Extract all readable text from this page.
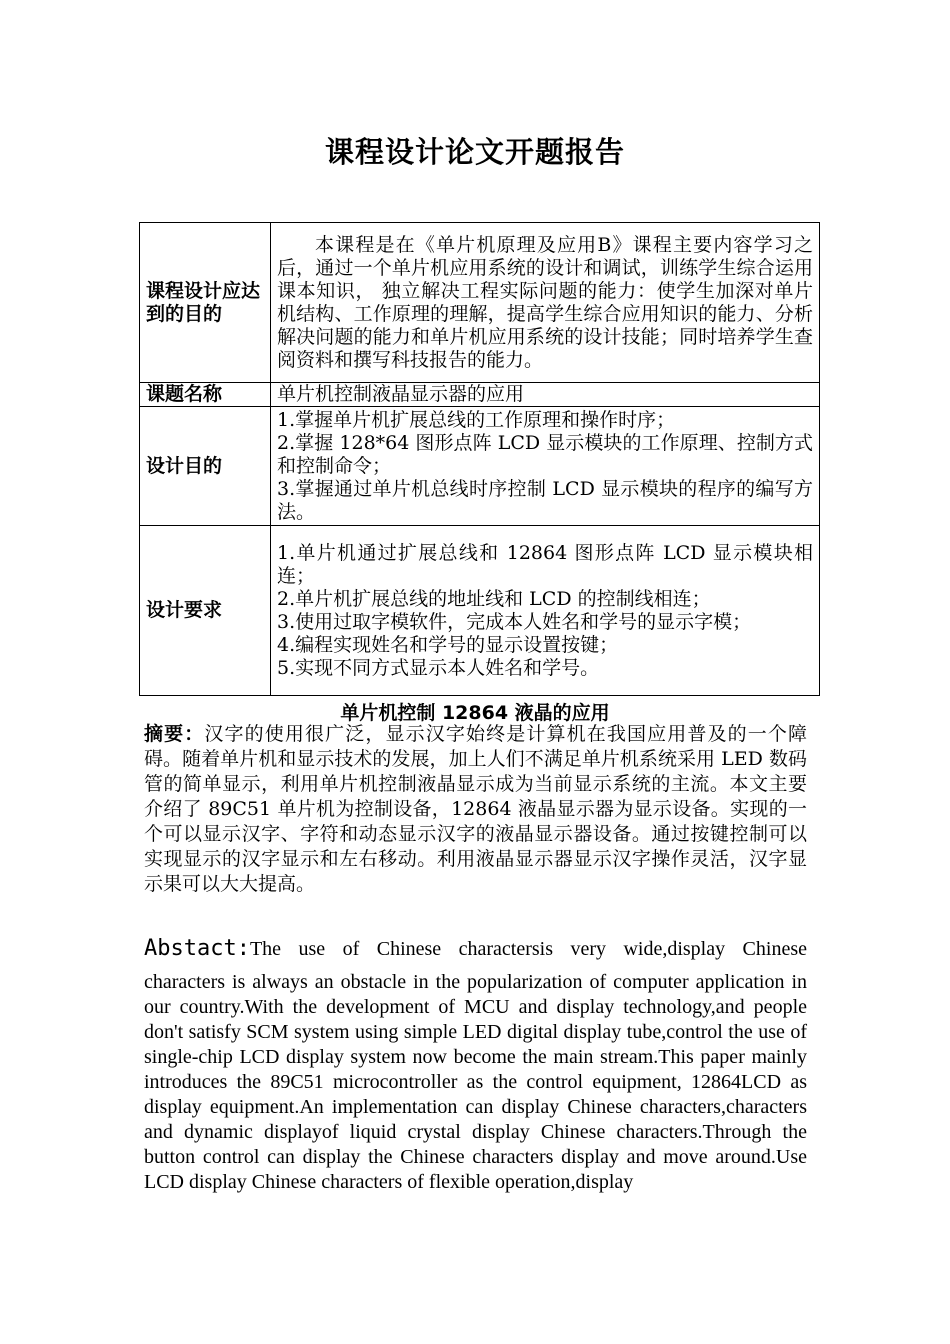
课程设计论文开题报告
课程设计应达到的目的	本课程是在《单片机原理及应用B》课程主要内容学习之后，通过一个单片机应用系统的设计和调试，训练学生综合运用课本知识， 独立解决工程实际问题的能力：使学生加深对单片机结构、工作原理的理解，提高学生综合应用知识的能力、分析解决问题的能力和单片机应用系统的设计技能；同时培养学生查阅资料和撰写科技报告的能力。

课题名称	单片机控制液晶显示器的应用

设计目的	1.掌握单片机扩展总线的工作原理和操作时序；

2.掌握 128*64 图形点阵 LCD 显示模块的工作原理、控制方式和控制命令；

3.掌握通过单片机总线时序控制 LCD 显示模块的程序的编写方法。

设计要求	1.单片机通过扩展总线和 12864 图形点阵 LCD 显示模块相连；

2.单片机扩展总线的地址线和 LCD 的控制线相连；

3.使用过取字模软件，完成本人姓名和学号的显示字模；

4.编程实现姓名和学号的显示设置按键；

5.实现不同方式显示本人姓名和学号。

单片机控制 12864 液晶的应用

摘要：汉字的使用很广泛，显示汉字始终是计算机在我国应用普及的一个障碍。随着单片机和显示技术的发展，加上人们不满足单片机系统采用 LED 数码管的简单显示，利用单片机控制液晶显示成为当前显示系统的主流。本文主要介绍了 89C51 单片机为控制设备，12864 液晶显示器为显示设备。实现的一个可以显示汉字、字符和动态显示汉字的液晶显示器设备。通过按键控制可以实现显示的汉字显示和左右移动。利用液晶显示器显示汉字操作灵活，汉字显示果可以大大提高。

Abstact:The use of Chinese charactersis very wide,display Chinese
characters is always an obstacle in the popularization of computer application in our country.With the development of MCU and display technology,and people don't satisfy SCM system using simple LED digital display tube,control the use of single-chip LCD display system now become the main stream.This paper mainly introduces the 89C51 microcontroller as the control equipment, 12864LCD as display equipment.An implementation can display Chinese characters,characters and dynamic displayof liquid crystal display Chinese characters.Through the button control can display the Chinese characters display and move around.Use LCD display Chinese characters of flexible operation,display
